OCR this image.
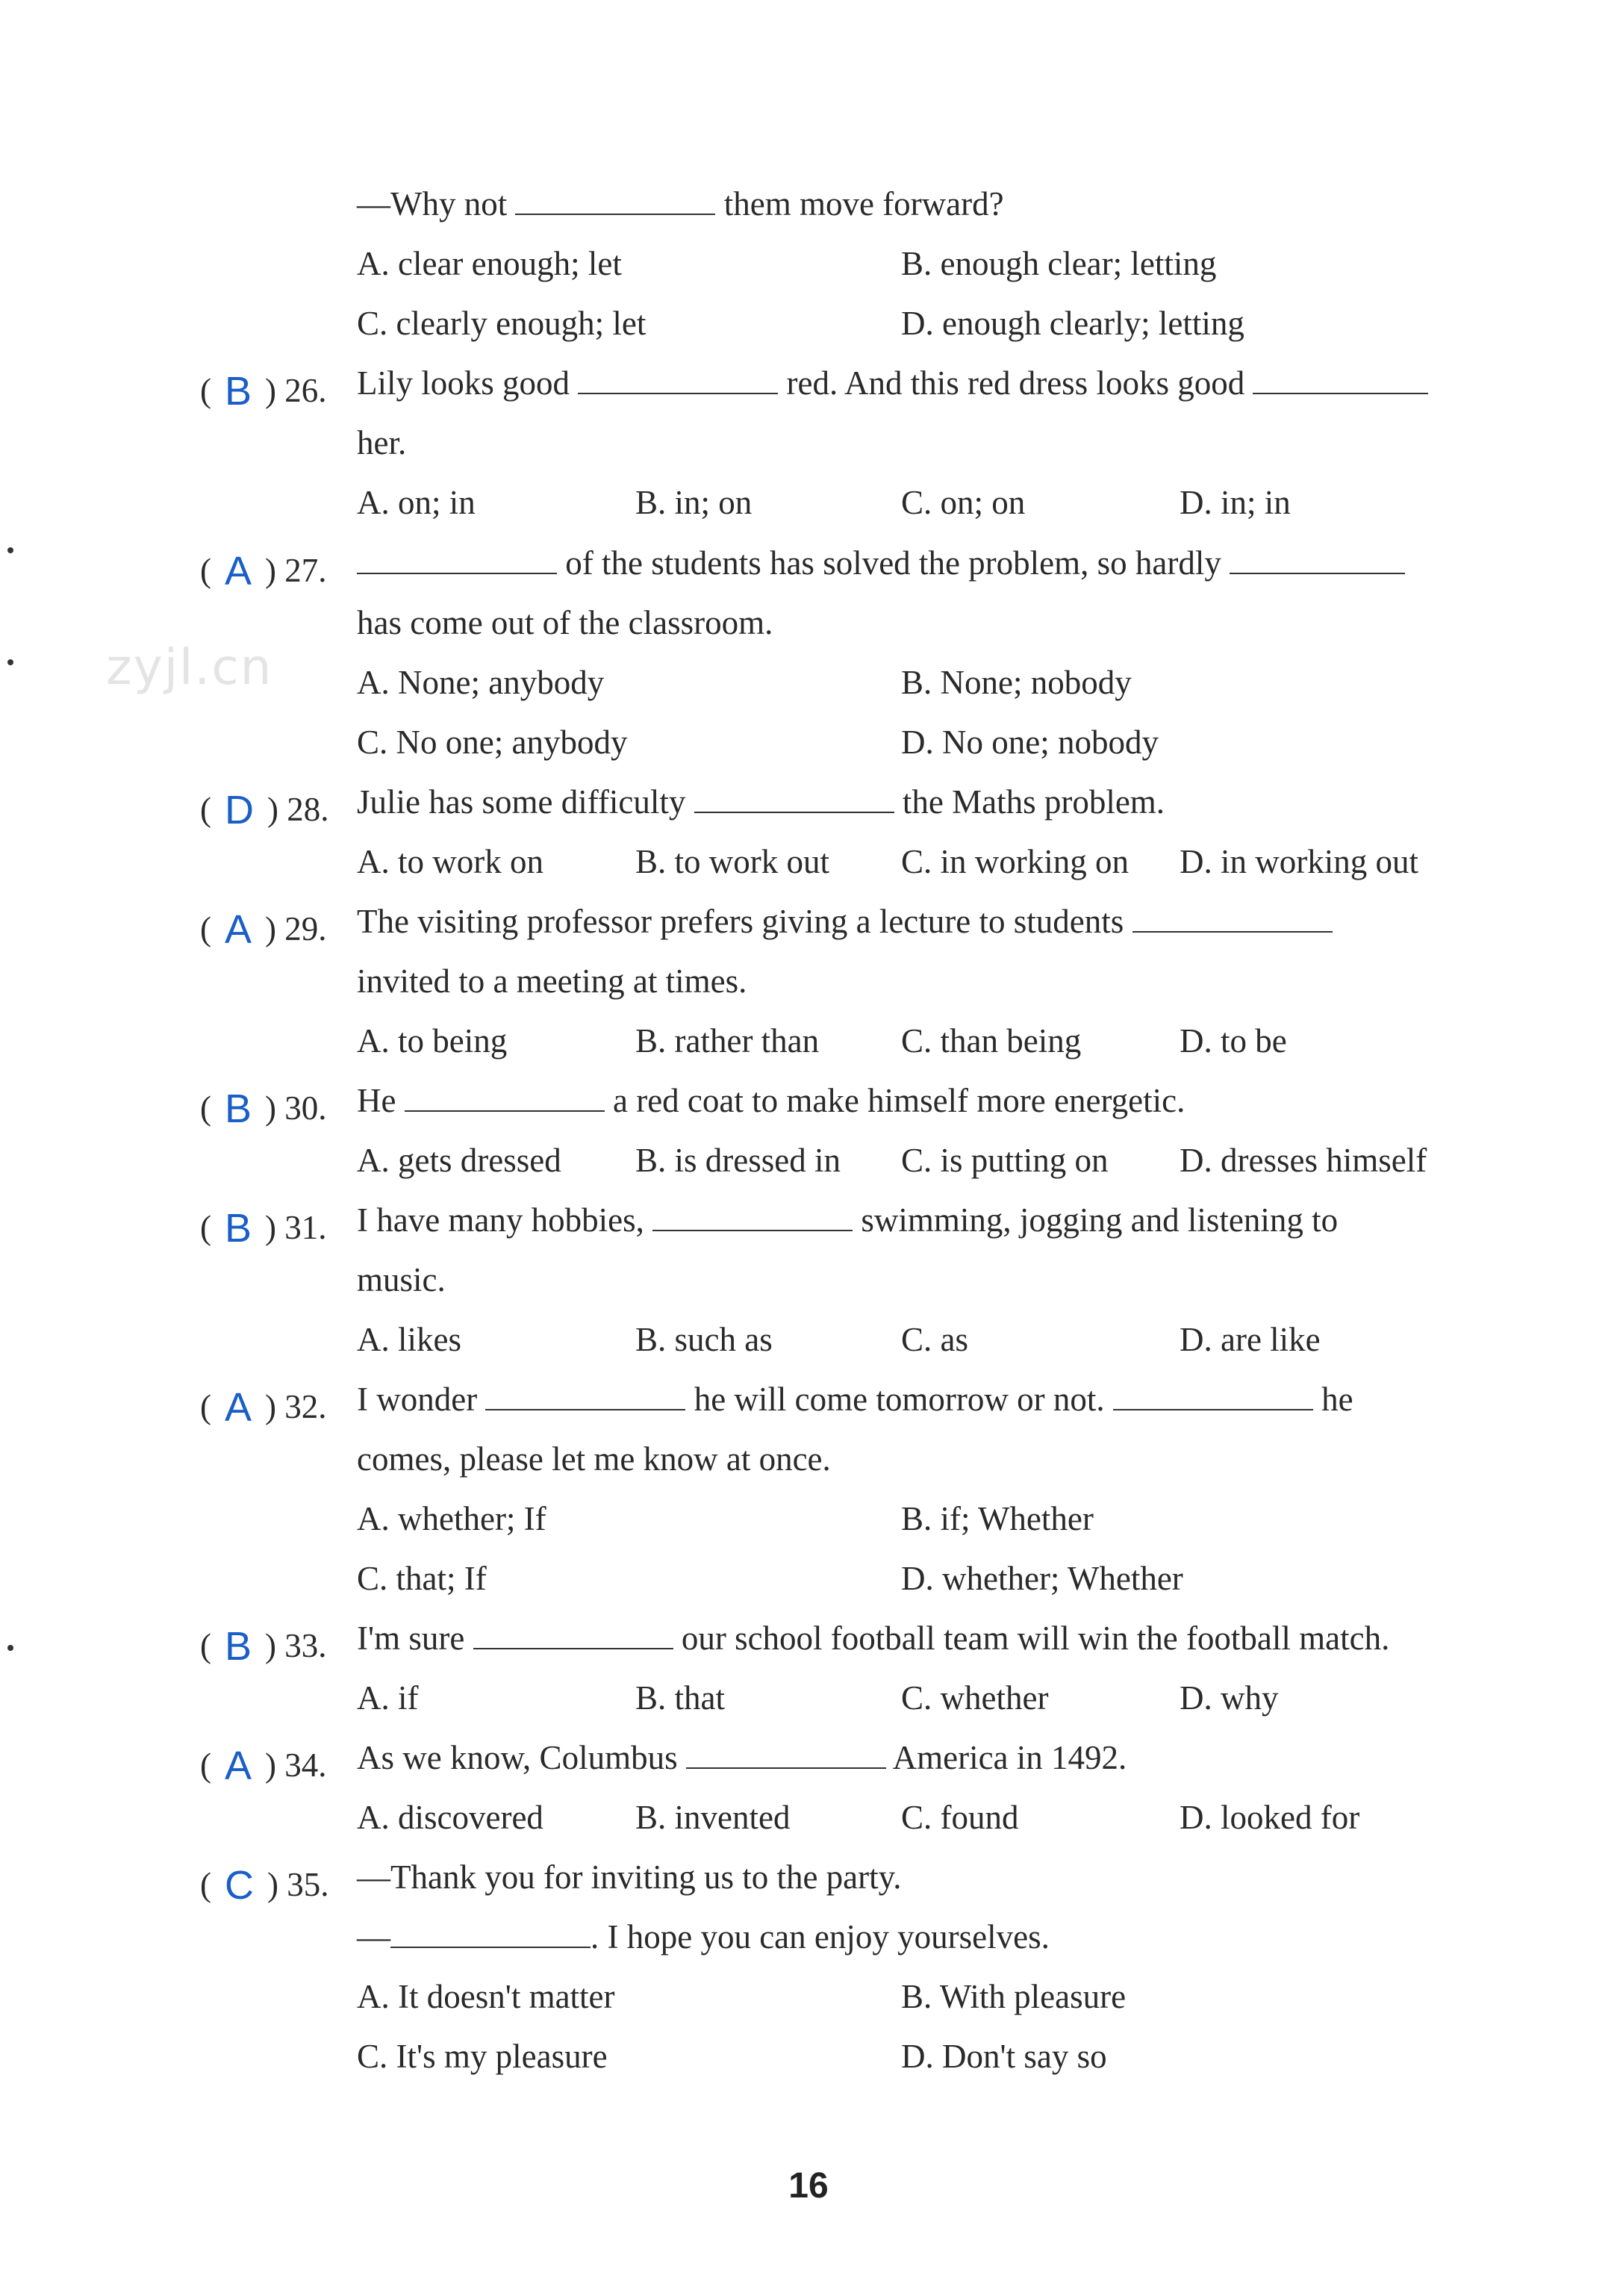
zyjl.cn
—Why not	them move forward?
A. clear enough; let	B. enough clear; letting
C. clearly enough; let	D. enough clearly; letting
( B ) 26. Lily looks good	red. And this red dress looks good
her.
A. on; in	B. in; on	C. on; on	D. in; in
( A ) 27.	of the students has solved the problem, so hardly
has come out of the classroom.
A. None; anybody	B. None; nobody
C. No one; anybody	D. No one; nobody
( D ) 28. Julie has some difficulty	the Maths problem.
A. to work on	B. to work out C. in working on D. in working out
( A ) 29. The visiting professor prefers giving a lecture to students
invited to a meeting at times.
A. to being	B. rather than C. than being	D. to be
( B ) 30. He	a red coat to make himself more energetic.
A. gets dressed B. is dressed in C. is putting on D. dresses himself
( B ) 31. I have many hobbies,	swimming, jogging and listening to
music.
A. likes	B. such as	C. as	D. are like
( A ) 32. I wonder	he will come tomorrow or not.	he
comes, please let me know at once.
A. whether; If	B. if; Whether
C. that; If	D. whether; Whether
( B ) 33. I'm sure	our school football team will win the football match.
A. if	B. that	C. whether	D. why
( A ) 34. As we know, Columbus	America in 1492.
A. discovered	B. invented	C. found	D. looked for
( C ) 35. —Thank you for inviting us to the party.
—	. I hope you can enjoy yourselves.
A. It doesn't matter	B. With pleasure
C. It's my pleasure	D. Don't say so
16
